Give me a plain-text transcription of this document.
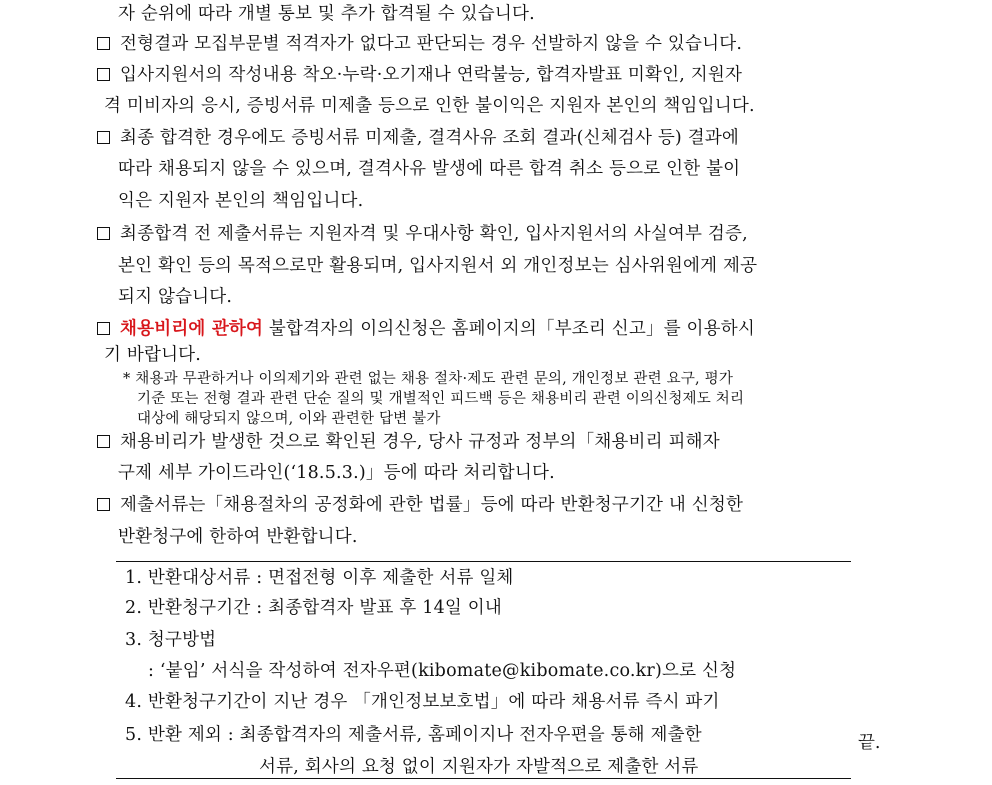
자 순위에 따라 개별 통보 및 추가 합격될 수 있습니다.
전형결과 모집부문별 적격자가 없다고 판단되는 경우 선발하지 않을 수 있습니다.
입사지원서의 작성내용 착오·누락·오기재나 연락불능, 합격자발표 미확인, 지원자
격 미비자의 응시, 증빙서류 미제출 등으로 인한 불이익은 지원자 본인의 책임입니다.
최종 합격한 경우에도 증빙서류 미제출, 결격사유 조회 결과(신체검사 등) 결과에
따라 채용되지 않을 수 있으며, 결격사유 발생에 따른 합격 취소 등으로 인한 불이
익은 지원자 본인의 책임입니다.
최종합격 전 제출서류는 지원자격 및 우대사항 확인, 입사지원서의 사실여부 검증,
본인 확인 등의 목적으로만 활용되며, 입사지원서 외 개인정보는 심사위원에게 제공
되지 않습니다.
채용비리에 관하여 불합격자의 이의신청은 홈페이지의「부조리 신고」를 이용하시
기 바랍니다.
* 채용과 무관하거나 이의제기와 관련 없는 채용 절차·제도 관련 문의, 개인정보 관련 요구, 평가
기준 또는 전형 결과 관련 단순 질의 및 개별적인 피드백 등은 채용비리 관련 이의신청제도 처리
대상에 해당되지 않으며, 이와 관련한 답변 불가
채용비리가 발생한 것으로 확인된 경우, 당사 규정과 정부의「채용비리 피해자
구제 세부 가이드라인(‘18.5.3.)」등에 따라 처리합니다.
제출서류는「채용절차의 공정화에 관한 법률」등에 따라 반환청구기간 내 신청한
반환청구에 한하여 반환합니다.
1. 반환대상서류 : 면접전형 이후 제출한 서류 일체
2. 반환청구기간 : 최종합격자 발표 후 14일 이내
3. 청구방법
: ‘붙임’ 서식을 작성하여 전자우편(kibomate@kibomate.co.kr)으로 신청
4. 반환청구기간이 지난 경우 「개인정보보호법」에 따라 채용서류 즉시 파기
5. 반환 제외 : 최종합격자의 제출서류, 홈페이지나 전자우편을 통해 제출한
서류, 회사의 요청 없이 지원자가 자발적으로 제출한 서류
끝.
